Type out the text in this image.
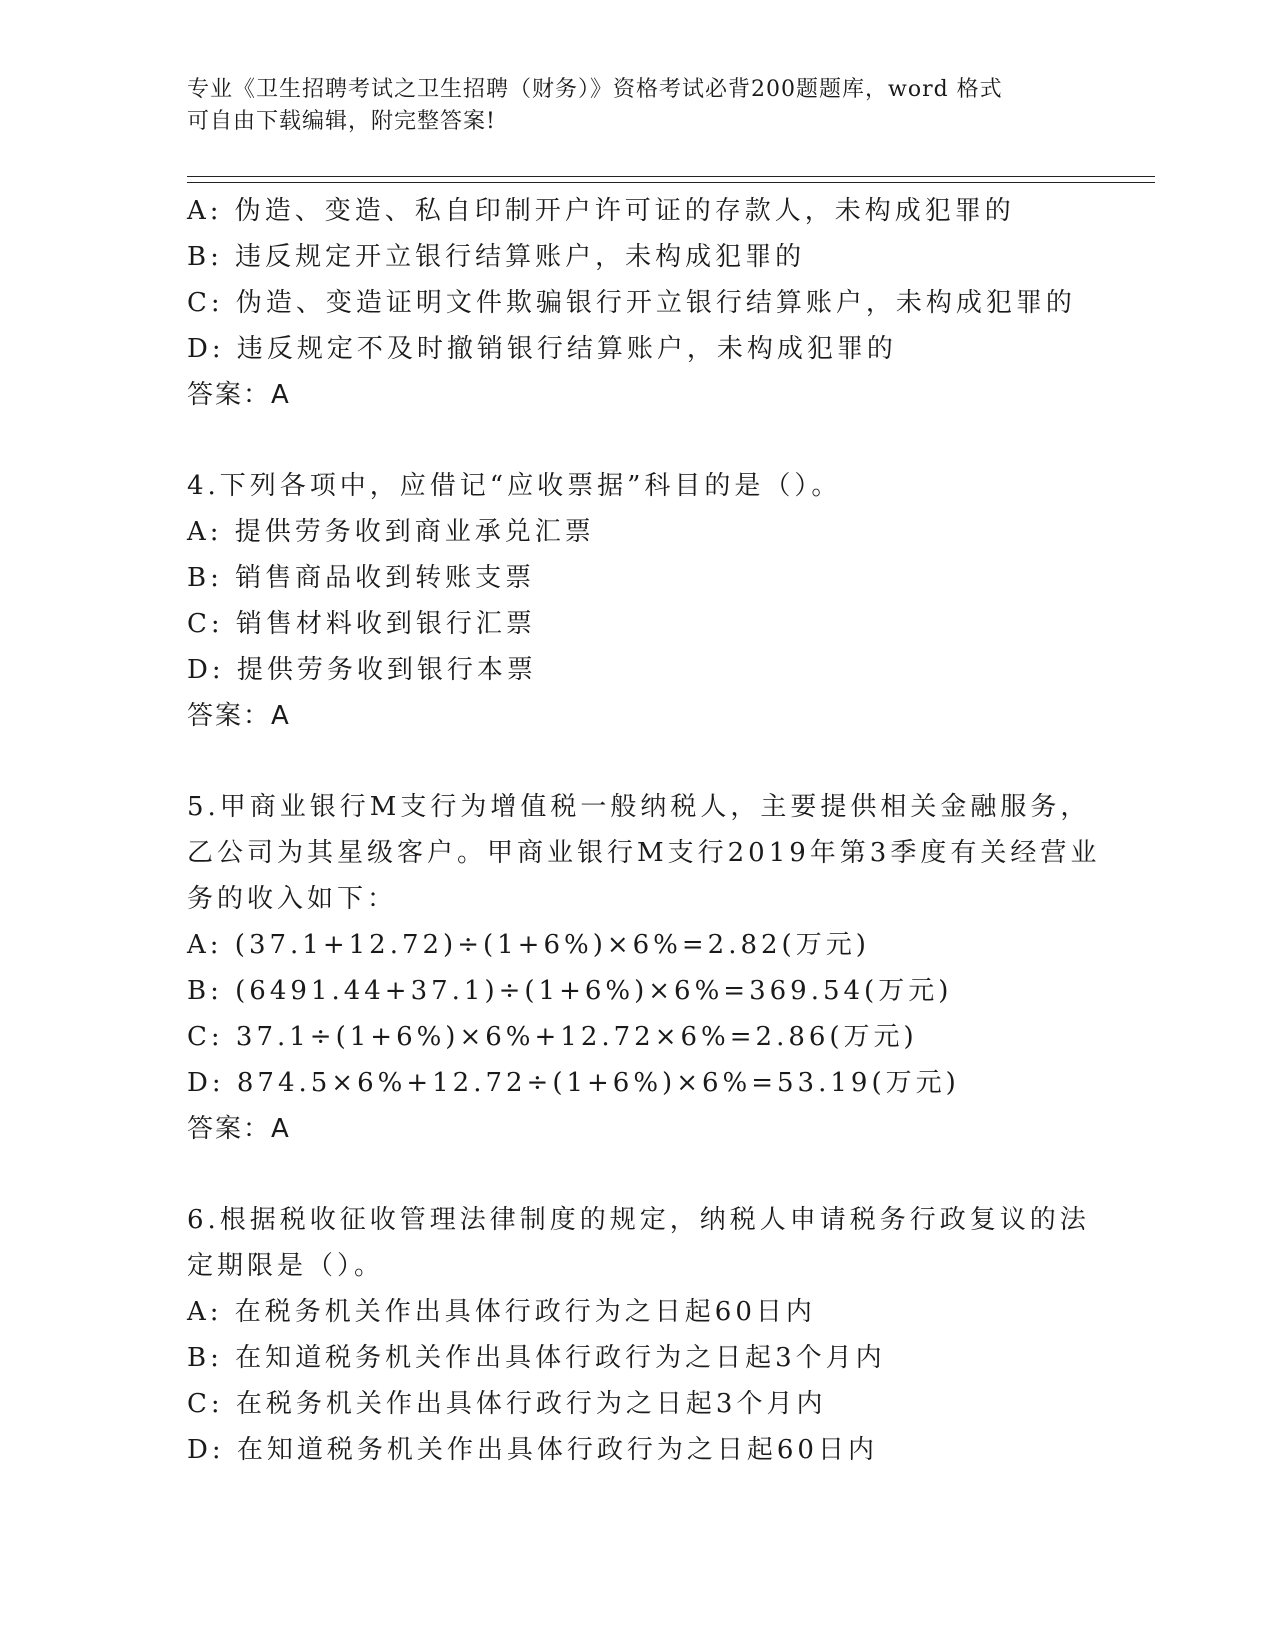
专业《卫生招聘考试之卫生招聘（财务）》资格考试必背200题题库，word 格式
可自由下载编辑，附完整答案!
A: 伪造、变造、私自印制开户许可证的存款人，未构成犯罪的
B: 违反规定开立银行结算账户，未构成犯罪的
C: 伪造、变造证明文件欺骗银行开立银行结算账户，未构成犯罪的
D: 违反规定不及时撤销银行结算账户，未构成犯罪的
答案：A
4.下列各项中，应借记“应收票据”科目的是（）。
A: 提供劳务收到商业承兑汇票
B: 销售商品收到转账支票
C: 销售材料收到银行汇票
D: 提供劳务收到银行本票
答案：A
5.甲商业银行M支行为增值税一般纳税人，主要提供相关金融服务，
乙公司为其星级客户。甲商业银行M支行2019年第3季度有关经营业
务的收入如下：
A: (37.1+12.72)÷(1+6%)×6%=2.82(万元)
B: (6491.44+37.1)÷(1+6%)×6%=369.54(万元)
C: 37.1÷(1+6%)×6%+12.72×6%=2.86(万元)
D: 874.5×6%+12.72÷(1+6%)×6%=53.19(万元)
答案：A
6.根据税收征收管理法律制度的规定，纳税人申请税务行政复议的法
定期限是（）。
A: 在税务机关作出具体行政行为之日起60日内
B: 在知道税务机关作出具体行政行为之日起3个月内
C: 在税务机关作出具体行政行为之日起3个月内
D: 在知道税务机关作出具体行政行为之日起60日内
